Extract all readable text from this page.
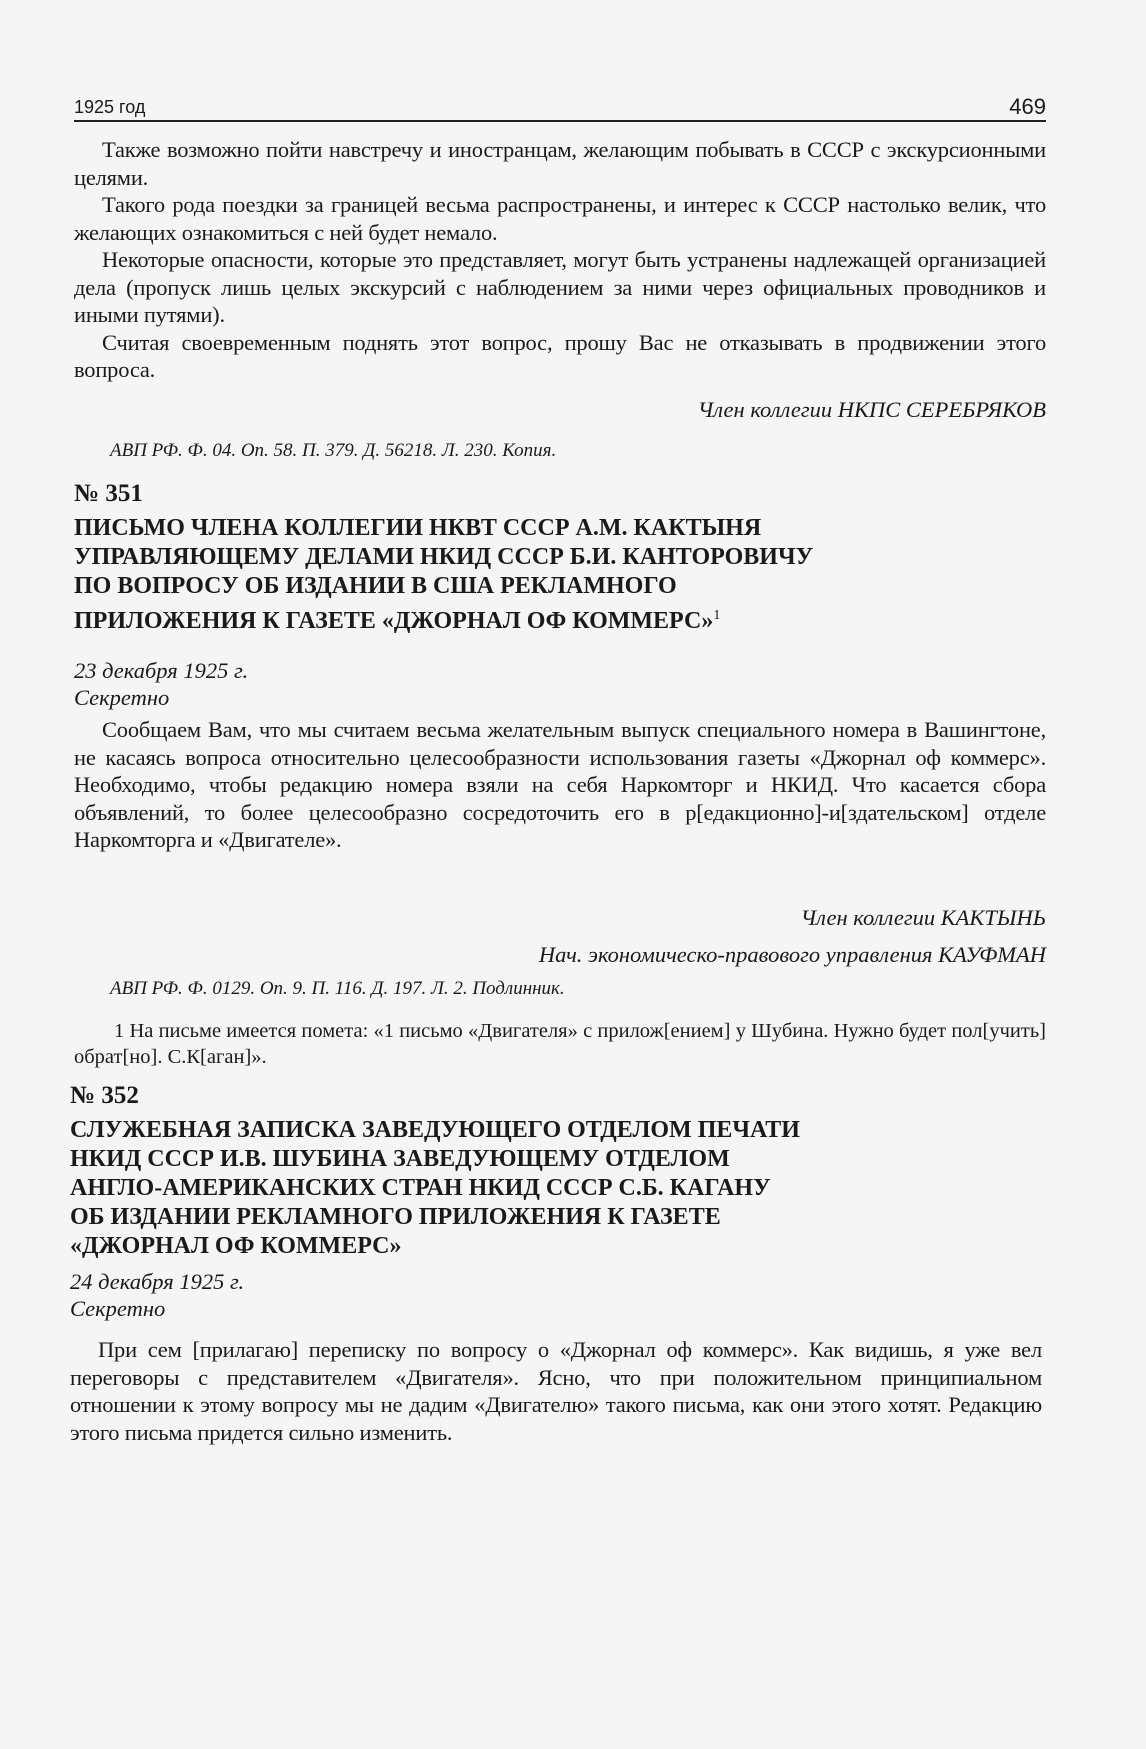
1925 год	469

Также возможно пойти навстречу и иностранцам, желающим побывать в СССР с экскурсионными целями.

Такого рода поездки за границей весьма распространены, и интерес к СССР настолько велик, что желающих ознакомиться с ней будет немало.

Некоторые опасности, которые это представляет, могут быть устранены надлежащей организацией дела (пропуск лишь целых экскурсий с наблюдением за ними через официальных проводников и иными путями).

Считая своевременным поднять этот вопрос, прошу Вас не отказывать в продвижении этого вопроса.

Член коллегии НКПС СЕРЕБРЯКОВ
АВП РФ. Ф. 04. Оп. 58. П. 379. Д. 56218. Л. 230. Копия.
№ 351
ПИСЬМО ЧЛЕНА КОЛЛЕГИИ НКВТ СССР А.М. КАКТЫНЯ
УПРАВЛЯЮЩЕМУ ДЕЛАМИ НКИД СССР Б.И. КАНТОРОВИЧУ
ПО ВОПРОСУ ОБ ИЗДАНИИ В США РЕКЛАМНОГО
ПРИЛОЖЕНИЯ К ГАЗЕТЕ «ДЖОРНАЛ ОФ КОММЕРС»$^1$
23 декабря 1925 г.
Секретно

Сообщаем Вам, что мы считаем весьма желательным выпуск специального номера в Вашингтоне, не касаясь вопроса относительно целесообразности использования газеты «Джорнал оф коммерс». Необходимо, чтобы редакцию номера взяли на себя Наркомторг и НКИД. Что касается сбора объявлений, то более целесообразно сосредоточить его в р[едакционно]-и[здательском] отделе Наркомторга и «Двигателе».

Член коллегии КАКТЫНЬ
Нач. экономическо-правового управления КАУФМАН
АВП РФ. Ф. 0129. Оп. 9. П. 116. Д. 197. Л. 2. Подлинник.
1 На письме имеется помета: «1 письмо «Двигателя» с прилож[ением] у Шубина. Нужно будет пол[учить] обрат[но]. С.К[аган]».
№ 352
СЛУЖЕБНАЯ ЗАПИСКА ЗАВЕДУЮЩЕГО ОТДЕЛОМ ПЕЧАТИ
НКИД СССР И.В. ШУБИНА ЗАВЕДУЮЩЕМУ ОТДЕЛОМ
АНГЛО-АМЕРИКАНСКИХ СТРАН НКИД СССР С.Б. КАГАНУ
ОБ ИЗДАНИИ РЕКЛАМНОГО ПРИЛОЖЕНИЯ К ГАЗЕТЕ
«ДЖОРНАЛ ОФ КОММЕРС»
24 декабря 1925 г.
Секретно

При сем [прилагаю] переписку по вопросу о «Джорнал оф коммерс». Как видишь, я уже вел переговоры с представителем «Двигателя». Ясно, что при положительном принципиальном отношении к этому вопросу мы не дадим «Двигателю» такого письма, как они этого хотят. Редакцию этого письма придется сильно изменить.
